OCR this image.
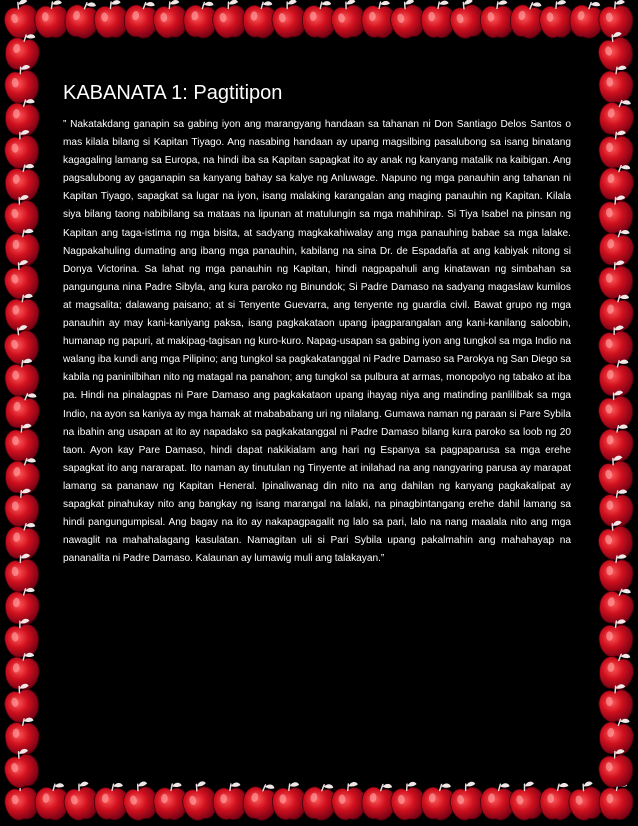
KABANATA 1: Pagtitipon

” Nakatakdang ganapin sa gabing iyon ang marangyang handaan sa tahanan ni Don Santiago Delos Santos o mas kilala bilang si Kapitan Tiyago. Ang nasabing handaan ay upang magsilbing pasalubong sa isang binatang kagagaling lamang sa Europa, na hindi iba sa Kapitan sapagkat ito ay anak ng kanyang matalik na kaibigan. Ang pagsalubong ay gaganapin sa kanyang bahay sa kalye ng Anluwage. Napuno ng mga panauhin ang tahanan ni Kapitan Tiyago, sapagkat sa lugar na iyon, isang malaking karangalan ang maging panauhin ng Kapitan. Kilala siya bilang taong nabibilang sa mataas na lipunan at matulungin sa mga mahihirap. Si Tiya Isabel na pinsan ng Kapitan ang taga-istima ng mga bisita, at sadyang magkakahiwalay ang mga panauhing babae sa mga lalake. Nagpakahuling dumating ang ibang mga panauhin, kabilang na sina Dr. de Espadaña at ang kabiyak nitong si Donya Victorina. Sa lahat ng mga panauhin ng Kapitan, hindi nagpapahuli ang kinatawan ng simbahan sa pangunguna nina Padre Sibyla, ang kura paroko ng Binundok; Si Padre Damaso na sadyang magaslaw kumilos at magsalita; dalawang paisano; at si Tenyente Guevarra, ang tenyente ng guardia civil. Bawat grupo ng mga panauhin ay may kani-kaniyang paksa, isang pagkakataon upang ipagparangalan ang kani-kanilang saloobin, humanap ng papuri, at makipag-tagisan ng kuro-kuro. Napag-usapan sa gabing iyon ang tungkol sa mga Indio na walang iba kundi ang mga Pilipino; ang tungkol sa pagkakatanggal ni Padre Damaso sa Parokya ng San Diego sa kabila ng paninilbihan nito ng matagal na panahon; ang tungkol sa pulbura at armas, monopolyo ng tabako at iba pa. Hindi na pinalagpas ni Pare Damaso ang pagkakataon upang ihayag niya ang matinding panlilibak sa mga Indio, na ayon sa kaniya ay mga hamak at mabababang uri ng nilalang. Gumawa naman ng paraan si Pare Sybila na ibahin ang usapan at ito ay napadako sa pagkakatanggal ni Padre Damaso bilang kura paroko sa loob ng 20 taon. Ayon kay Pare Damaso, hindi dapat nakikialam ang hari ng Espanya sa pagpaparusa sa mga erehe sapagkat ito ang nararapat. Ito naman ay tinutulan ng Tinyente at inilahad na ang nangyaring parusa ay marapat lamang sa pananaw ng Kapitan Heneral. Ipinaliwanag din nito na ang dahilan ng kanyang pagkakalipat ay sapagkat pinahukay nito ang bangkay ng isang marangal na lalaki, na pinagbintangang erehe dahil lamang sa hindi pangungumpisal. Ang bagay na ito ay nakapagpagalit ng lalo sa pari, lalo na nang maalala nito ang mga nawaglit na mahahalagang kasulatan. Namagitan uli si Pari Sybila upang pakalmahin ang mahahayap na pananalita ni Padre Damaso. Kalaunan ay lumawig muli ang talakayan.”
